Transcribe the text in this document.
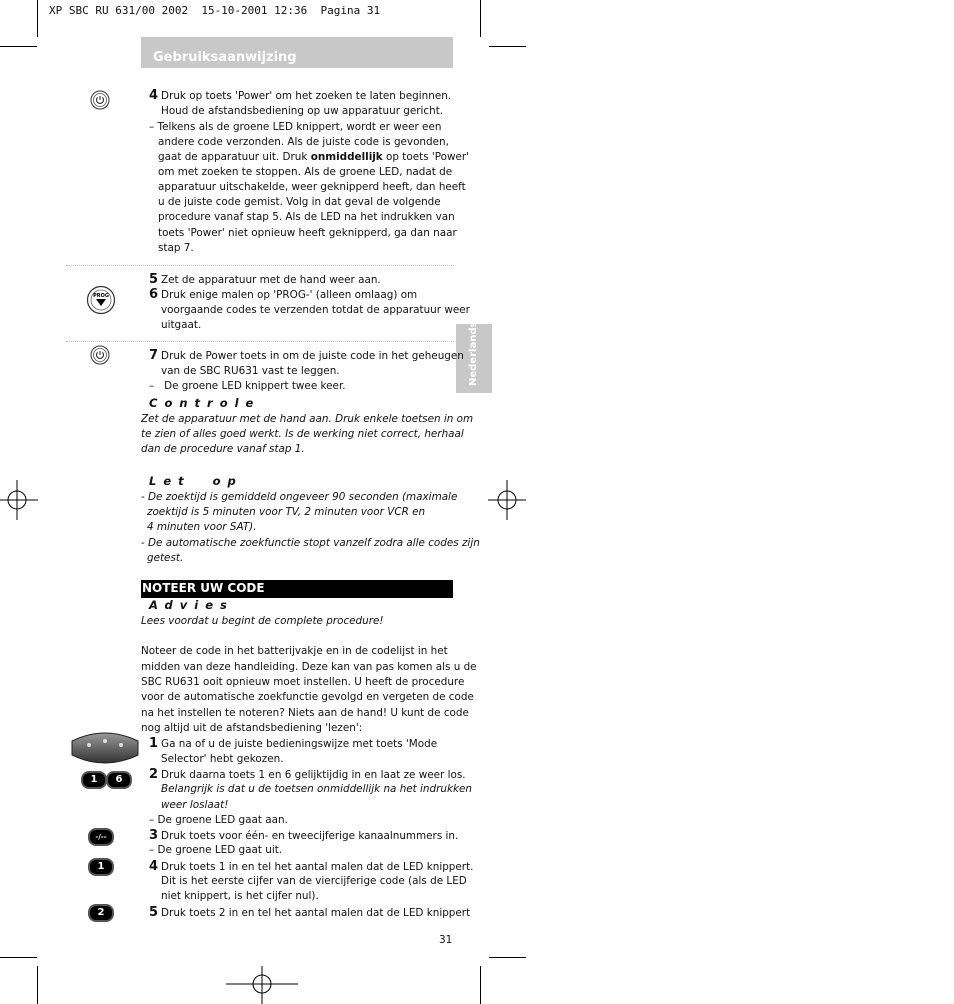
XP SBC RU 631/00 2002  15-10-2001 12:36  Pagina 31
Gebruiksaanwijzing
Nederlands
PROG
1	6
-/--
1
2
4 Druk op toets 'Power' om het zoeken te laten beginnen.
Houd de afstandsbediening op uw apparatuur gericht.
– Telkens als de groene LED knippert, wordt er weer een
andere code verzonden. Als de juiste code is gevonden,
gaat de apparatuur uit. Druk onmiddellijk op toets 'Power'
om met zoeken te stoppen. Als de groene LED, nadat de
apparatuur uitschakelde, weer geknipperd heeft, dan heeft
u de juiste code gemist. Volg in dat geval de volgende
procedure vanaf stap 5. Als de LED na het indrukken van
toets 'Power' niet opnieuw heeft geknipperd, ga dan naar
stap 7.
5 Zet de apparatuur met de hand weer aan.
6 Druk enige malen op 'PROG-' (alleen omlaag) om
voorgaande codes te verzenden totdat de apparatuur weer
uitgaat.
7 Druk de Power toets in om de juiste code in het geheugen
van de SBC RU631 vast te leggen.
–   De groene LED knippert twee keer.
Controle
Zet de apparatuur met de hand aan. Druk enkele toetsen in om
te zien of alles goed werkt. Is de werking niet correct, herhaal
dan de procedure vanaf stap 1.
Let  op
- De zoektijd is gemiddeld ongeveer 90 seconden (maximale
zoektijd is 5 minuten voor TV, 2 minuten voor VCR en
4 minuten voor SAT).
- De automatische zoekfunctie stopt vanzelf zodra alle codes zijn
getest.
NOTEER UW CODE
Advies
Lees voordat u begint de complete procedure!
Noteer de code in het batterijvakje en in de codelijst in het
midden van deze handleiding. Deze kan van pas komen als u de
SBC RU631 ooit opnieuw moet instellen. U heeft de procedure
voor de automatische zoekfunctie gevolgd en vergeten de code
na het instellen te noteren? Niets aan de hand! U kunt de code
nog altijd uit de afstandsbediening 'lezen':
1 Ga na of u de juiste bedieningswijze met toets 'Mode
Selector' hebt gekozen.
2 Druk daarna toets 1 en 6 gelijktijdig in en laat ze weer los.
Belangrijk is dat u de toetsen onmiddellijk na het indrukken
weer loslaat!
– De groene LED gaat aan.
3 Druk toets voor één- en tweecijferige kanaalnummers in.
– De groene LED gaat uit.
4 Druk toets 1 in en tel het aantal malen dat de LED knippert.
Dit is het eerste cijfer van de viercijferige code (als de LED
niet knippert, is het cijfer nul).
5 Druk toets 2 in en tel het aantal malen dat de LED knippert
31
